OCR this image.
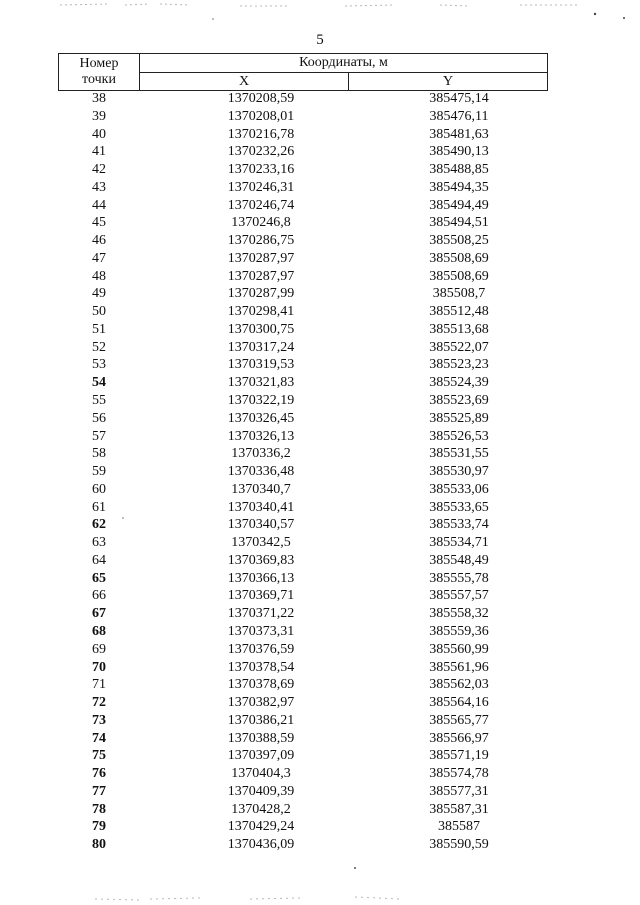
5
Номер
точки
Координаты, м
X	Y
38	1370208,59	385475,14
39	1370208,01	385476,11
40	1370216,78	385481,63
41	1370232,26	385490,13
42	1370233,16	385488,85
43	1370246,31	385494,35
44	1370246,74	385494,49
45	1370246,8	385494,51
46	1370286,75	385508,25
47	1370287,97	385508,69
48	1370287,97	385508,69
49	1370287,99	385508,7
50	1370298,41	385512,48
51	1370300,75	385513,68
52	1370317,24	385522,07
53	1370319,53	385523,23
54	1370321,83	385524,39
55	1370322,19	385523,69
56	1370326,45	385525,89
57	1370326,13	385526,53
58	1370336,2	385531,55
59	1370336,48	385530,97
60	1370340,7	385533,06
61	1370340,41	385533,65
62	1370340,57	385533,74
63	1370342,5	385534,71
64	1370369,83	385548,49
65	1370366,13	385555,78
66	1370369,71	385557,57
67	1370371,22	385558,32
68	1370373,31	385559,36
69	1370376,59	385560,99
70	1370378,54	385561,96
71	1370378,69	385562,03
72	1370382,97	385564,16
73	1370386,21	385565,77
74	1370388,59	385566,97
75	1370397,09	385571,19
76	1370404,3	385574,78
77	1370409,39	385577,31
78	1370428,2	385587,31
79	1370429,24	385587
80	1370436,09	385590,59
